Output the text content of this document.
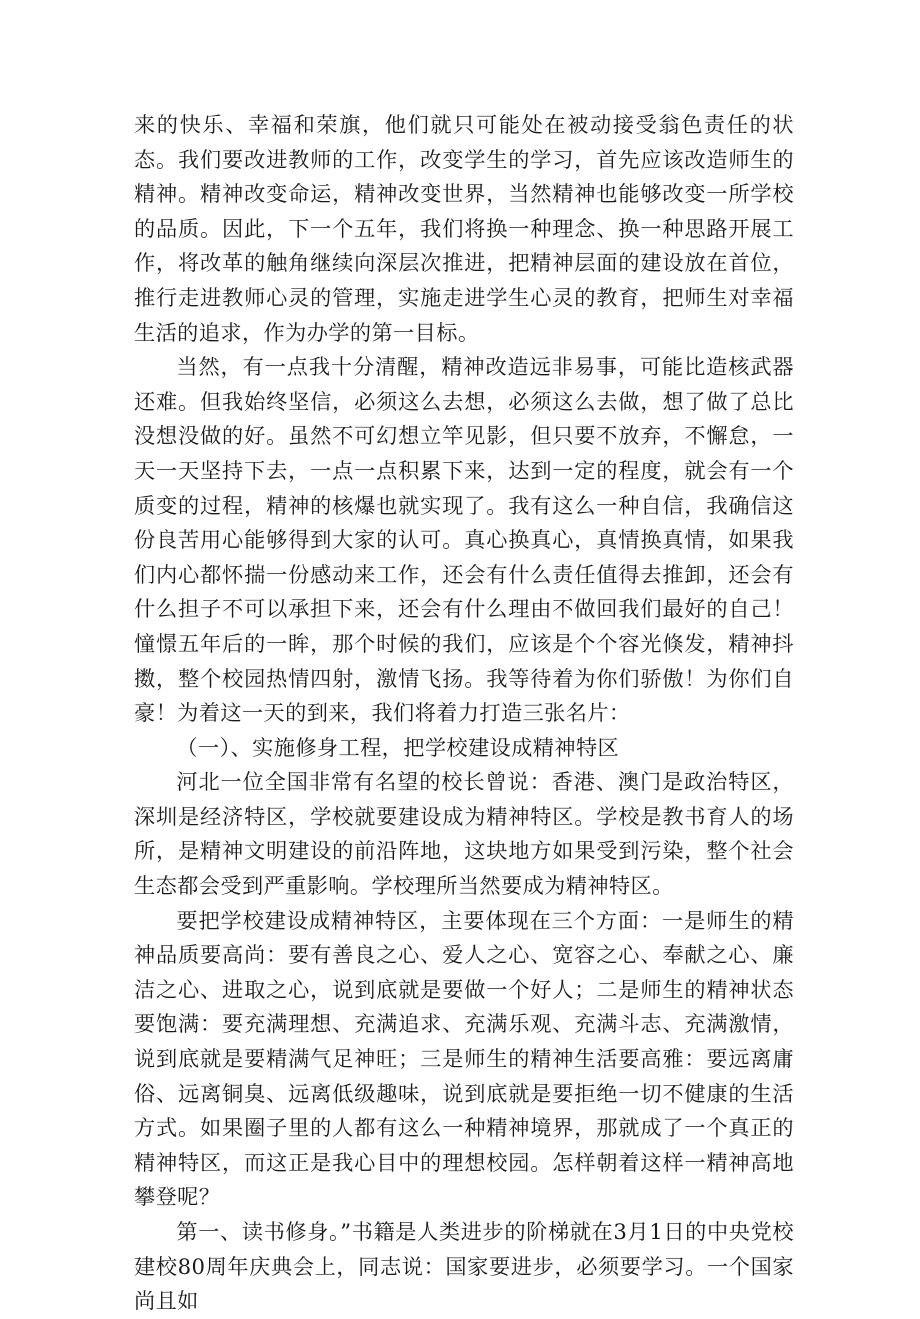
来的快乐、幸福和荣旗，他们就只可能处在被动接受翁色责任的状态。我们要改进教师的工作，改变学生的学习，首先应该改造师生的精神。精神改变命运，精神改变世界，当然精神也能够改变一所学校的品质。因此，下一个五年，我们将换一种理念、换一种思路开展工作，将改革的触角继续向深层次推进，把精神层面的建设放在首位，推行走进教师心灵的管理，实施走进学生心灵的教育，把师生对幸福生活的追求，作为办学的第一目标。

当然，有一点我十分清醒，精神改造远非易事，可能比造核武器还难。但我始终坚信，必须这么去想，必须这么去做，想了做了总比没想没做的好。虽然不可幻想立竿见影，但只要不放弃，不懈怠，一天一天坚持下去，一点一点积累下来，达到一定的程度，就会有一个质变的过程，精神的核爆也就实现了。我有这么一种自信，我确信这份良苦用心能够得到大家的认可。真心换真心，真情换真情，如果我们内心都怀揣一份感动来工作，还会有什么责任值得去推卸，还会有什么担子不可以承担下来，还会有什么理由不做回我们最好的自己！憧憬五年后的一眸，那个时候的我们，应该是个个容光倏发，精神抖擞，整个校园热情四射，激情飞扬。我等待着为你们骄傲！为你们自豪！为着这一天的到来，我们将着力打造三张名片：

（一）、实施修身工程，把学校建设成精神特区

河北一位全国非常有名望的校长曾说：香港、澳门是政治特区，深圳是经济特区，学校就要建设成为精神特区。学校是教书育人的场所，是精神文明建设的前沿阵地，这块地方如果受到污染，整个社会生态都会受到严重影响。学校理所当然要成为精神特区。

要把学校建设成精神特区，主要体现在三个方面：一是师生的精神品质要高尚：要有善良之心、爱人之心、宽容之心、奉献之心、廉洁之心、进取之心，说到底就是要做一个好人；二是师生的精神状态要饱满：要充满理想、充满追求、充满乐观、充满斗志、充满激情，说到底就是要精满气足神旺；三是师生的精神生活要高雅：要远离庸俗、远离铜臭、远离低级趣味，说到底就是要拒绝一切不健康的生活方式。如果圈子里的人都有这么一种精神境界，那就成了一个真正的精神特区，而这正是我心目中的理想校园。怎样朝着这样一精神高地攀登呢？

第一、读书修身。”书籍是人类进步的阶梯就在3月1日的中央党校建校80周年庆典会上，同志说：国家要进步，必须要学习。一个国家尚且如
